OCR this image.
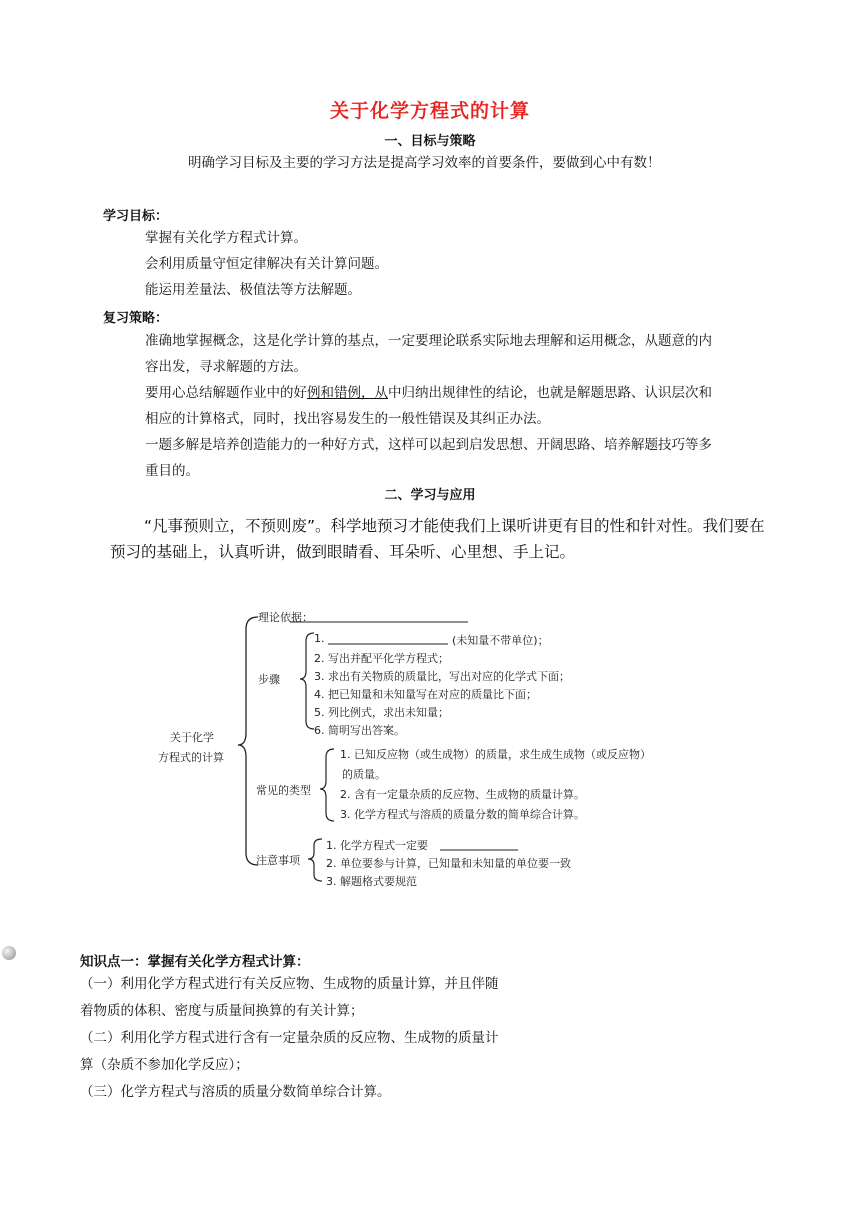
关于化学方程式的计算
一、目标与策略
明确学习目标及主要的学习方法是提高学习效率的首要条件，要做到心中有数！
学习目标：
掌握有关化学方程式计算。
会利用质量守恒定律解决有关计算问题。
能运用差量法、极值法等方法解题。
复习策略：
准确地掌握概念，这是化学计算的基点，一定要理论联系实际地去理解和运用概念，从题意的内
容出发，寻求解题的方法。
要用心总结解题作业中的好例和错例，从中归纳出规律性的结论，也就是解题思路、认识层次和
相应的计算格式，同时，找出容易发生的一般性错误及其纠正办法。
一题多解是培养创造能力的一种好方式，这样可以起到启发思想、开阔思路、培养解题技巧等多
重目的。
二、学习与应用
“凡事预则立，不预则废”。科学地预习才能使我们上课听讲更有目的性和针对性。我们要在
预习的基础上，认真听讲，做到眼睛看、耳朵听、心里想、手上记。
关于化学
方程式的计算
理论依据：
步骤
1.	(未知量不带单位)；
2. 写出并配平化学方程式；
3. 求出有关物质的质量比，写出对应的化学式下面；
4. 把已知量和未知量写在对应的质量比下面；
5. 列比例式，求出未知量；
6. 简明写出答案。
常见的类型
1. 已知反应物（或生成物）的质量，求生成生成物（或反应物）
的质量。
2. 含有一定量杂质的反应物、生成物的质量计算。
3. 化学方程式与溶质的质量分数的简单综合计算。
注意事项
1. 化学方程式一定要
2. 单位要参与计算，已知量和未知量的单位要一致
3. 解题格式要规范
知识点一：掌握有关化学方程式计算：
（一）利用化学方程式进行有关反应物、生成物的质量计算，并且伴随
着物质的体积、密度与质量间换算的有关计算；
（二）利用化学方程式进行含有一定量杂质的反应物、生成物的质量计
算（杂质不参加化学反应）；
（三）化学方程式与溶质的质量分数简单综合计算。
